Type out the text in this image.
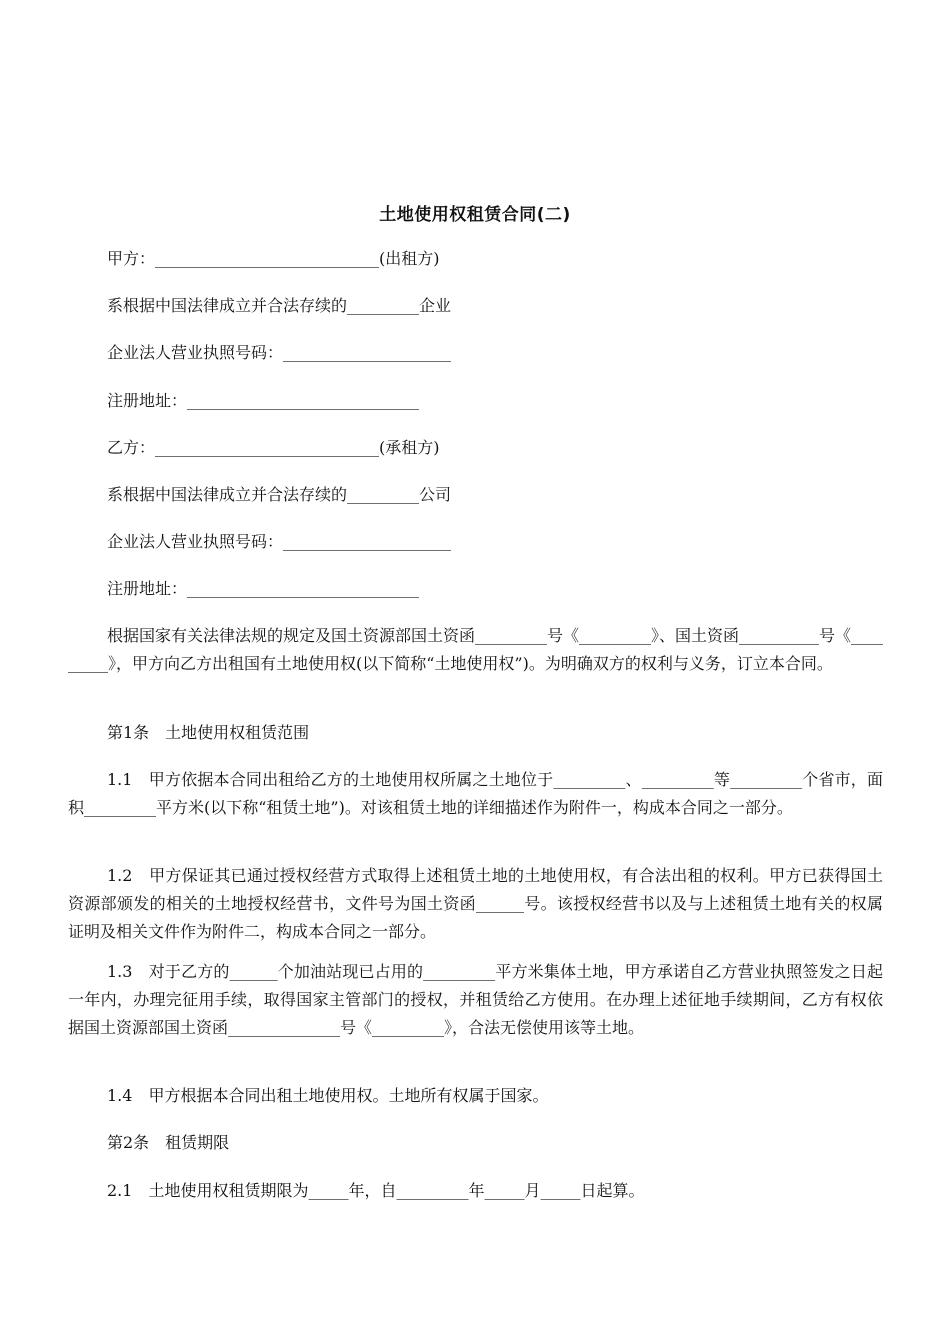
土地使用权租赁合同(二)
甲方：____________________________(出租方)
系根据中国法律成立并合法存续的_________企业
企业法人营业执照号码：_____________________
注册地址：_____________________________
乙方：____________________________(承租方)
系根据中国法律成立并合法存续的_________公司
企业法人营业执照号码：_____________________
注册地址：_____________________________
根据国家有关法律法规的规定及国土资源部国土资函_________号《_________》、国土资函__________号《_________》，甲方向乙方出租国有土地使用权(以下简称“土地使用权”)。为明确双方的权利与义务，订立本合同。
第1条　土地使用权租赁范围
1.1　甲方依据本合同出租给乙方的土地使用权所属之土地位于_________、_________等_________个省市，面积_________平方米(以下称“租赁土地”)。对该租赁土地的详细描述作为附件一，构成本合同之一部分。
1.2　甲方保证其已通过授权经营方式取得上述租赁土地的土地使用权，有合法出租的权利。甲方已获得国土资源部颁发的相关的土地授权经营书，文件号为国土资函______号。该授权经营书以及与上述租赁土地有关的权属证明及相关文件作为附件二，构成本合同之一部分。
1.3　对于乙方的______个加油站现已占用的_________平方米集体土地，甲方承诺自乙方营业执照签发之日起一年内，办理完征用手续，取得国家主管部门的授权，并租赁给乙方使用。在办理上述征地手续期间，乙方有权依据国土资源部国土资函______________号《_________》，合法无偿使用该等土地。
1.4　甲方根据本合同出租土地使用权。土地所有权属于国家。
第2条　租赁期限
2.1　土地使用权租赁期限为_____年，自_________年_____月_____日起算。
